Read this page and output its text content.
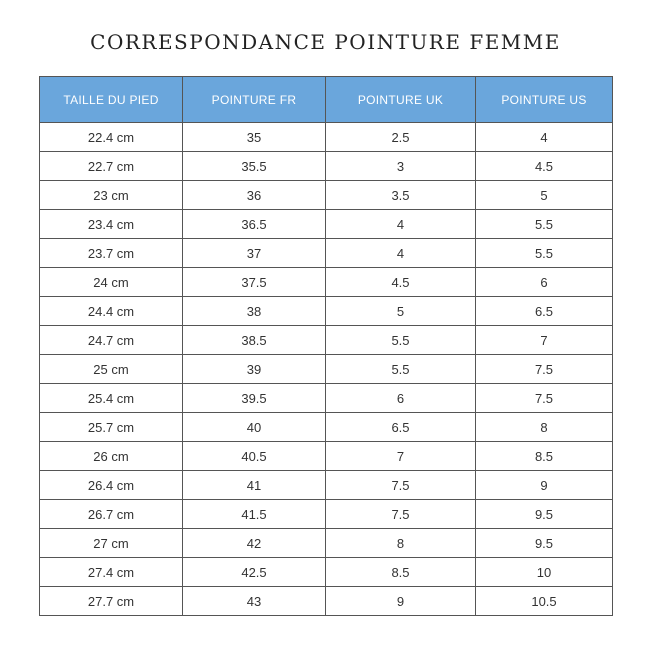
CORRESPONDANCE POINTURE FEMME
TAILLE DU PIED	POINTURE FR	POINTURE UK	POINTURE US
22.4 cm	35	2.5	4
22.7 cm	35.5	3	4.5
23 cm	36	3.5	5
23.4 cm	36.5	4	5.5
23.7 cm	37	4	5.5
24 cm	37.5	4.5	6
24.4 cm	38	5	6.5
24.7 cm	38.5	5.5	7
25 cm	39	5.5	7.5
25.4 cm	39.5	6	7.5
25.7 cm	40	6.5	8
26 cm	40.5	7	8.5
26.4 cm	41	7.5	9
26.7 cm	41.5	7.5	9.5
27 cm	42	8	9.5
27.4 cm	42.5	8.5	10
27.7 cm	43	9	10.5
